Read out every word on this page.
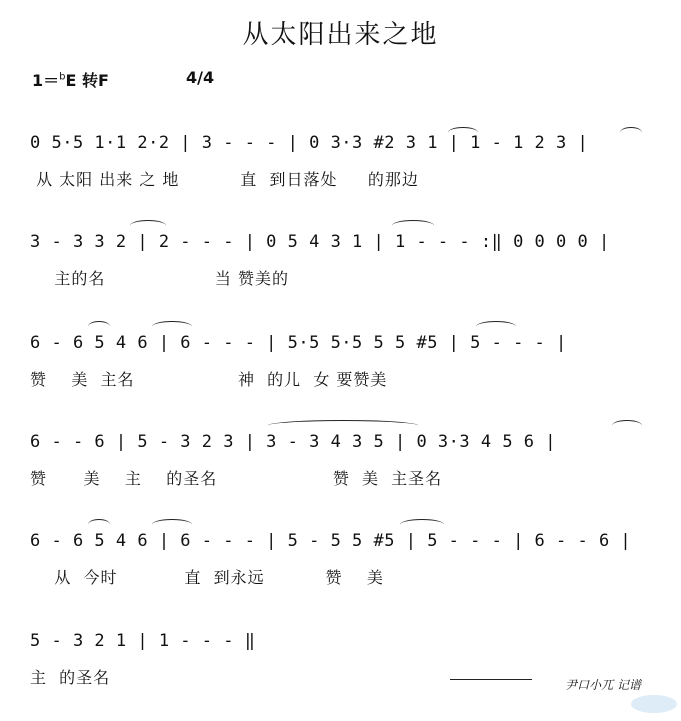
从太阳出来之地
1＝$^b$E 转F	4/4
0 5·5 1·1 2·2 | 3 - - - | 0 3·3 #2 3 1 | 1 - 1 2 3 |
从 太阳 出来 之 地          直  到日落处     的那边
3 - 3 3 2 | 2 - - - | 0 5 4 3 1 | 1 - - - :‖ 0 0 0 0 |
主的名                  当 赞美的
6 - 6 5 4 6 | 6 - - - | 5·5 5·5 5 5 #5 | 5 - - - |
赞    美  主名                 神  的儿  女 要赞美
6 - - 6 | 5 - 3 2 3 | 3 - 3 4 3 5 | 0 3·3 4 5 6 |
赞      美    主    的圣名                   赞  美  主圣名
6 - 6 5 4 6 | 6 - - - | 5 - 5 5 #5 | 5 - - - | 6 - - 6 |
从  今时           直  到永远          赞    美
5 - 3 2 1 | 1 - - - ‖
主  的圣名	尹口小兀 记谱
